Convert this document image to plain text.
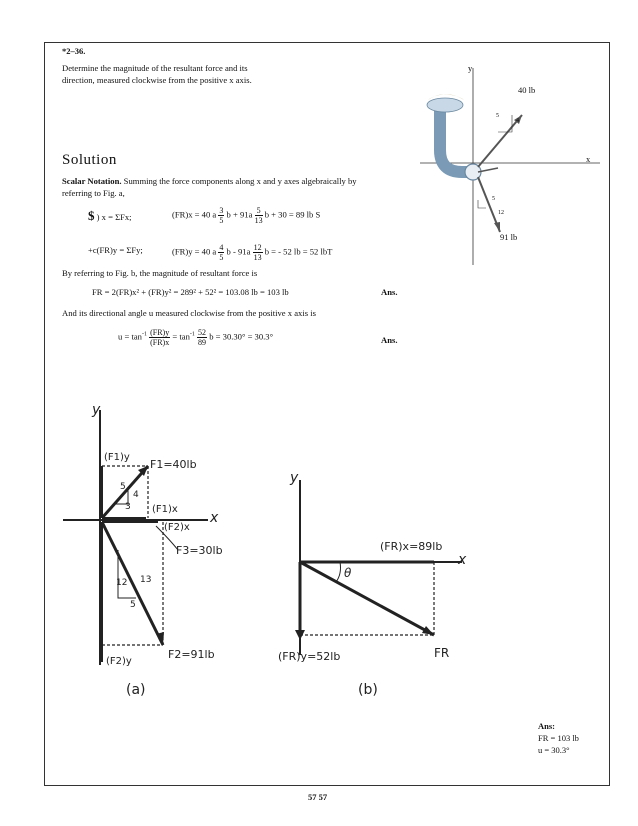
*2–36.
Determine the magnitude of the resultant force and its
direction, measured clockwise from the positive x axis.
y
x
40 lb
91 lb
5
4
5
12
Solution
Scalar Notation. Summing the force components along x and y axes algebraically by
referring to Fig. a,
$ ) x = ΣFx;	(FR)x = 40 a $\frac{3}{5}$ $b + 91a \frac{5}{13}$ b + 30 = 89 lb S
+c(FR)y = ΣFy;	(FR)y = 40 a $\frac{4}{5}$ b - $91a \frac{12}{13}$ b = - 52 lb = 52 lbT
By referring to Fig. b, the magnitude of resultant force is
FR = 2(FR)x² + (FR)y² = 289² + 52² = 103.08 lb = 103 lb	Ans.
And its directional angle u measured clockwise from the positive x axis is
$u = \tan^{-1} \frac{(FR)y}{(FR)x} = \tan^{-1} \frac{52}{89}$ b = 30.30° = 30.3°	Ans.
y
x
(F1)y
F1=40lb
(F1)x
(F2)x
F3=30lb
F2=91lb
(F2)y
5
4
3
12 13
5
(a)
y
x
(FR)x=89lb
θ
(FR)y=52lb	FR
(b)
Ans:
FR = 103 lb
u = 30.3°
57 57
